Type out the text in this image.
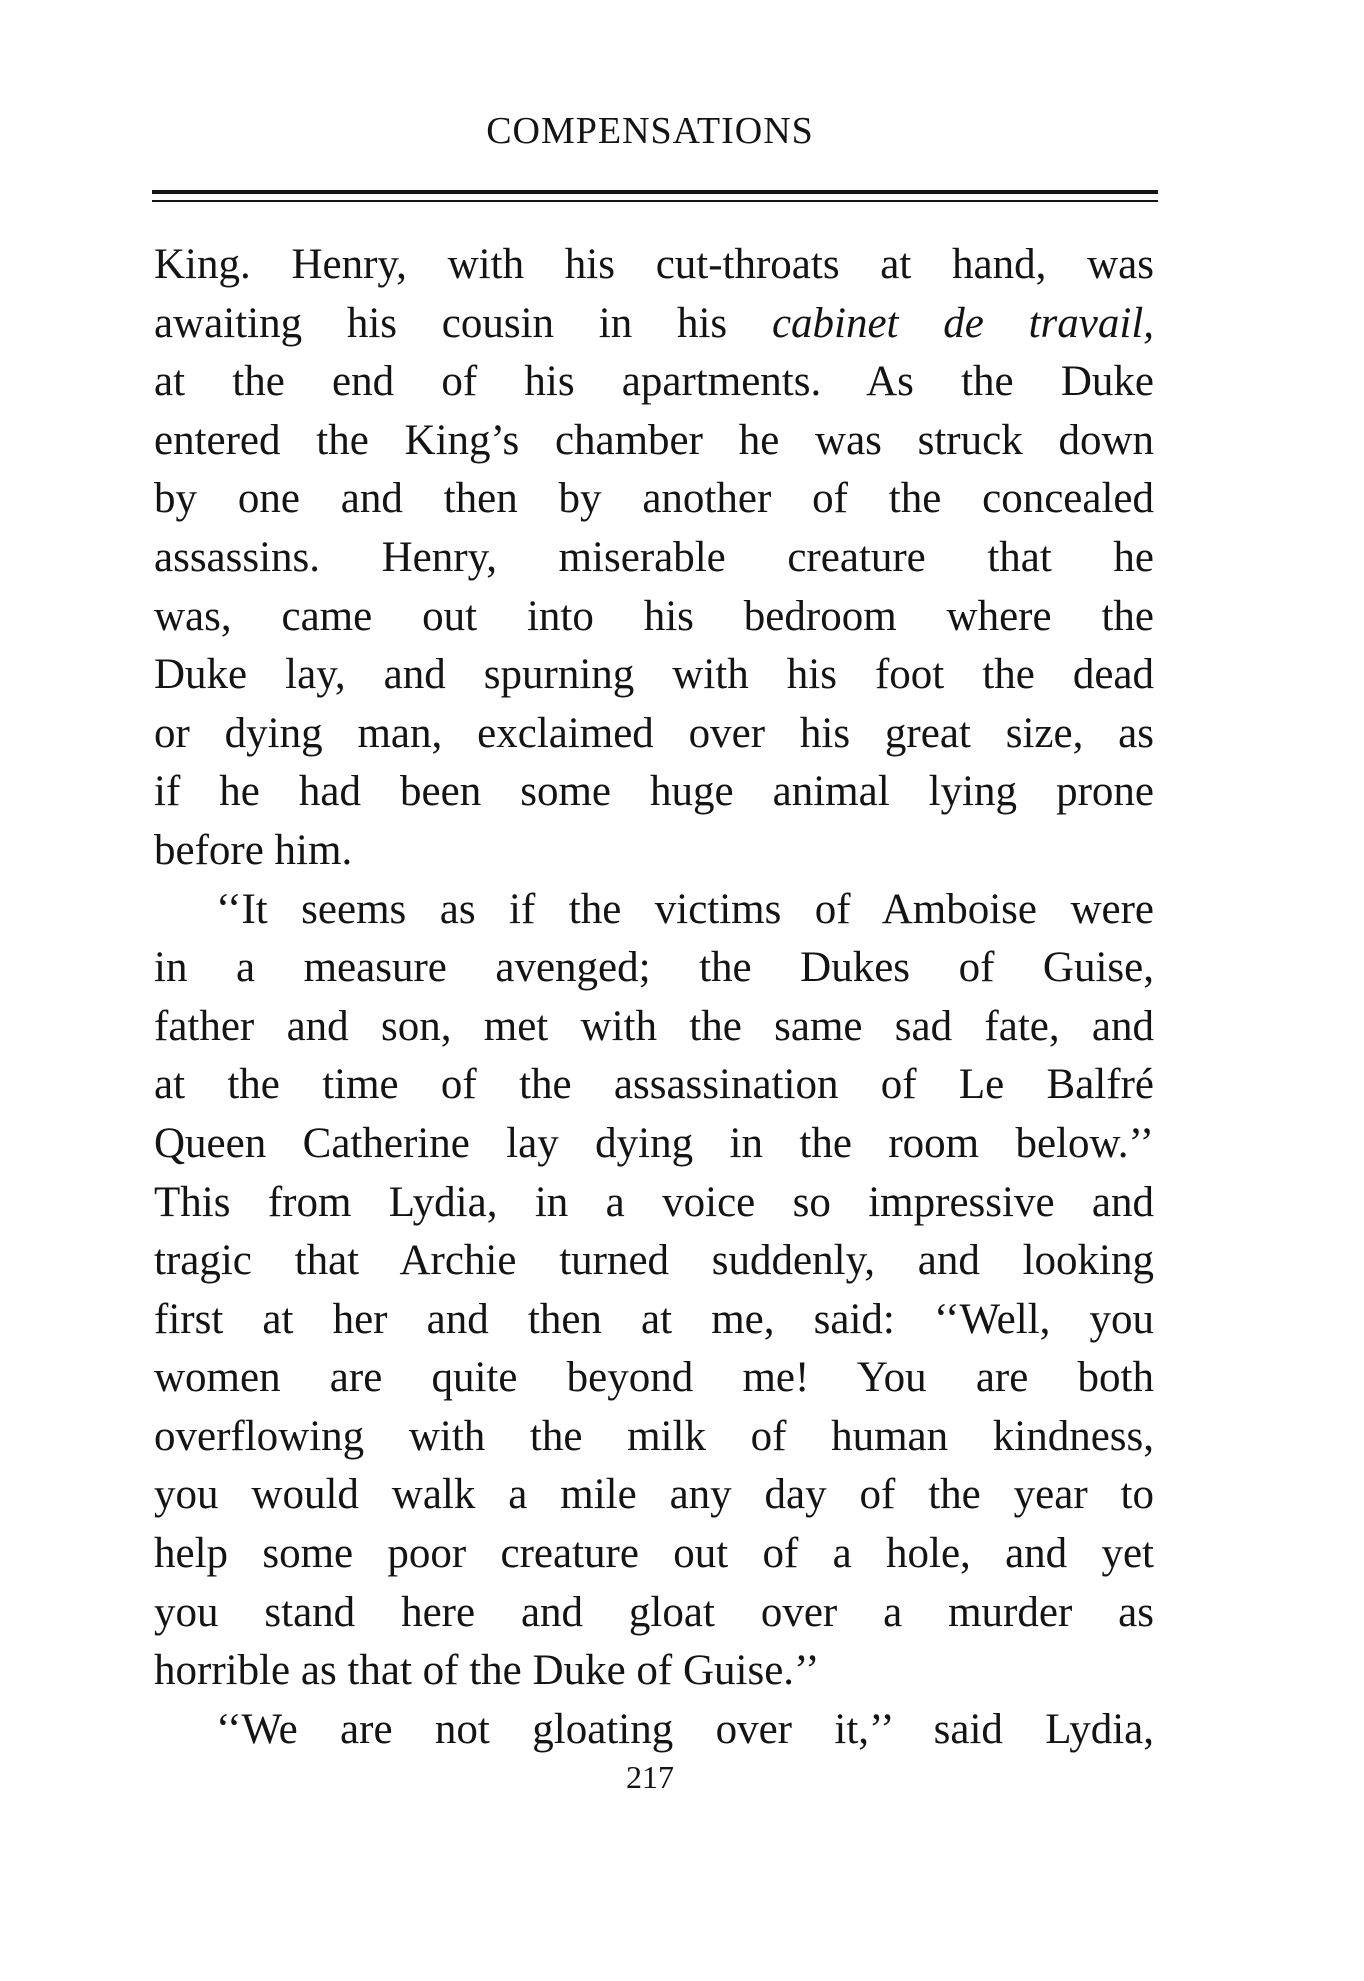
COMPENSATIONS
King. Henry, with his cut-throats at hand, was
awaiting his cousin in his cabinet de travail,
at the end of his apartments. As the Duke
entered the King’s chamber he was struck down
by one and then by another of the concealed
assassins. Henry, miserable creature that he
was, came out into his bedroom where the
Duke lay, and spurning with his foot the dead
or dying man, exclaimed over his great size, as
if he had been some huge animal lying prone
before him.
‘‘It seems as if the victims of Amboise were
in a measure avenged; the Dukes of Guise,
father and son, met with the same sad fate, and
at the time of the assassination of Le Balfré
Queen Catherine lay dying in the room below.’’
This from Lydia, in a voice so impressive and
tragic that Archie turned suddenly, and looking
first at her and then at me, said: ‘‘Well, you
women are quite beyond me! You are both
overflowing with the milk of human kindness,
you would walk a mile any day of the year to
help some poor creature out of a hole, and yet
you stand here and gloat over a murder as
horrible as that of the Duke of Guise.’’
‘‘We are not gloating over it,’’ said Lydia,
217
